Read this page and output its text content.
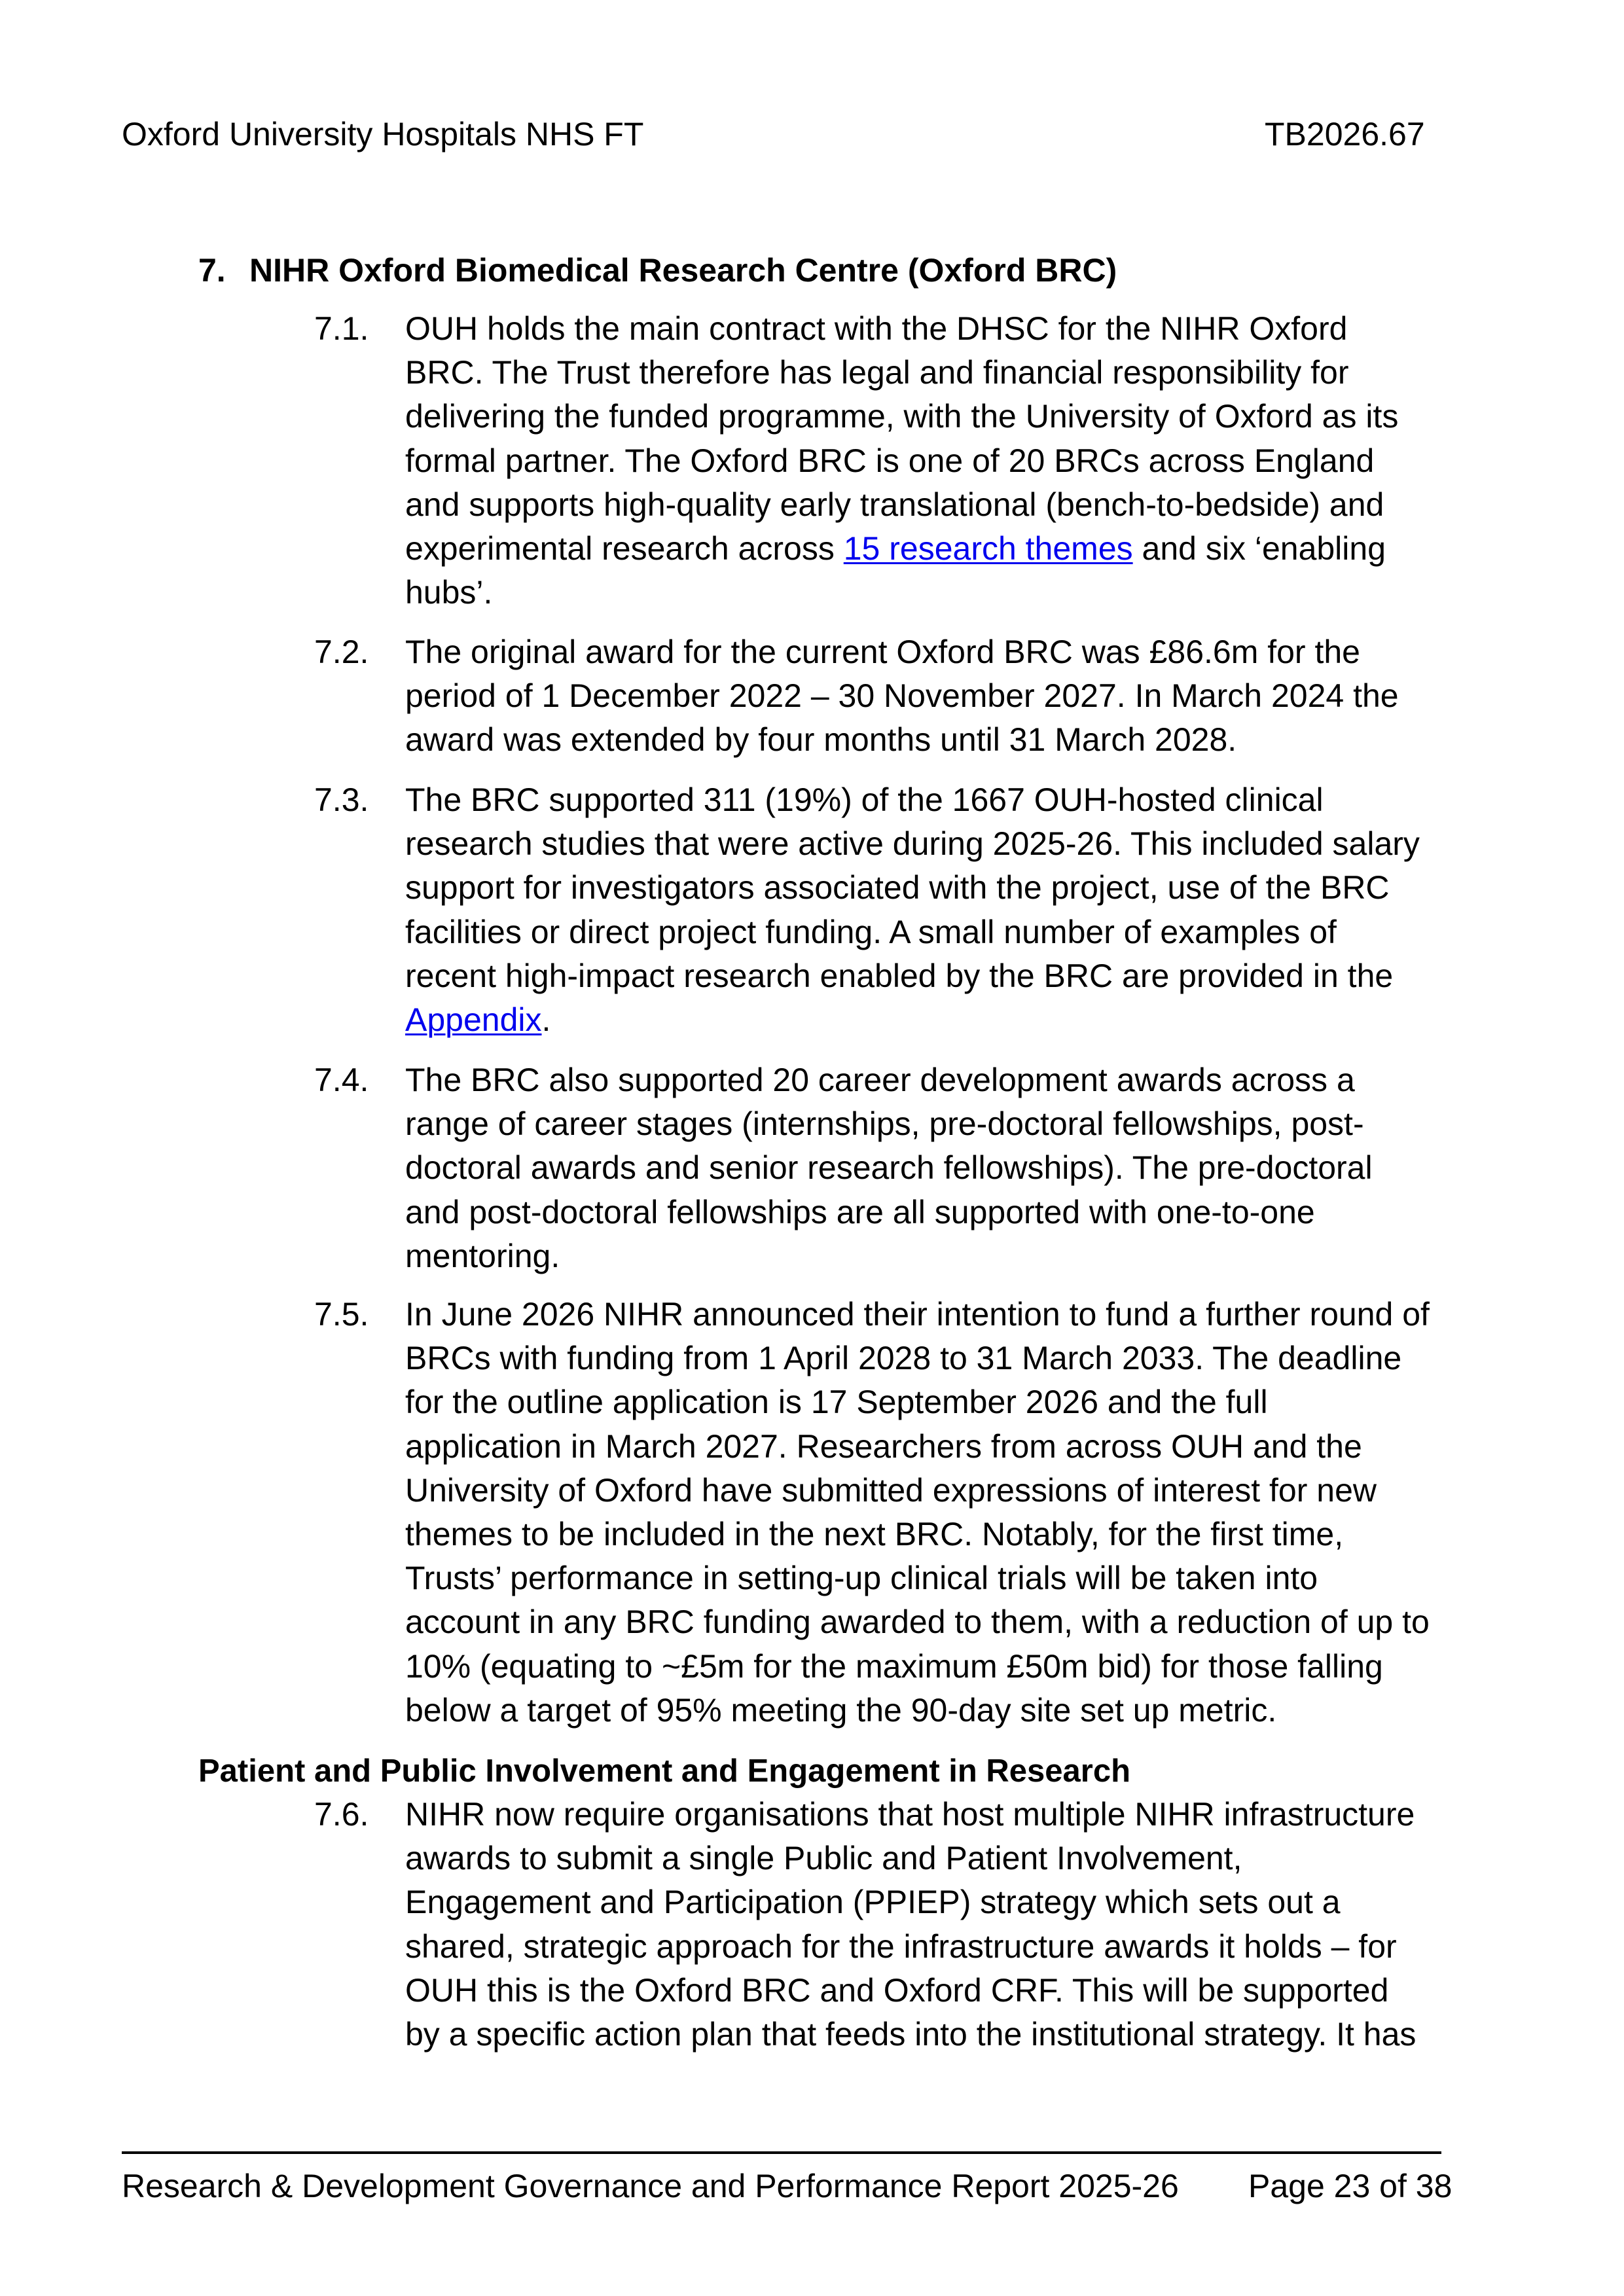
Oxford University Hospitals NHS FT	TB2026.67
7. NIHR Oxford Biomedical Research Centre (Oxford BRC)
7.1. OUH holds the main contract with the DHSC for the NIHR Oxford
BRC. The Trust therefore has legal and financial responsibility for
delivering the funded programme, with the University of Oxford as its
formal partner. The Oxford BRC is one of 20 BRCs across England
and supports high-quality early translational (bench-to-bedside) and
experimental research across 15 research themes and six ‘enabling
hubs’.
7.2. The original award for the current Oxford BRC was £86.6m for the
period of 1 December 2022 – 30 November 2027. In March 2024 the
award was extended by four months until 31 March 2028.
7.3. The BRC supported 311 (19%) of the 1667 OUH-hosted clinical
research studies that were active during 2025-26. This included salary
support for investigators associated with the project, use of the BRC
facilities or direct project funding. A small number of examples of
recent high-impact research enabled by the BRC are provided in the
Appendix.
7.4. The BRC also supported 20 career development awards across a
range of career stages (internships, pre-doctoral fellowships, post-
doctoral awards and senior research fellowships). The pre-doctoral
and post-doctoral fellowships are all supported with one-to-one
mentoring.
7.5. In June 2026 NIHR announced their intention to fund a further round of
BRCs with funding from 1 April 2028 to 31 March 2033. The deadline
for the outline application is 17 September 2026 and the full
application in March 2027. Researchers from across OUH and the
University of Oxford have submitted expressions of interest for new
themes to be included in the next BRC. Notably, for the first time,
Trusts’ performance in setting-up clinical trials will be taken into
account in any BRC funding awarded to them, with a reduction of up to
10% (equating to ~£5m for the maximum £50m bid) for those falling
below a target of 95% meeting the 90-day site set up metric.
Patient and Public Involvement and Engagement in Research
7.6. NIHR now require organisations that host multiple NIHR infrastructure
awards to submit a single Public and Patient Involvement,
Engagement and Participation (PPIEP) strategy which sets out a
shared, strategic approach for the infrastructure awards it holds – for
OUH this is the Oxford BRC and Oxford CRF. This will be supported
by a specific action plan that feeds into the institutional strategy. It has
Research & Development Governance and Performance Report 2025-26 Page 23 of 38
